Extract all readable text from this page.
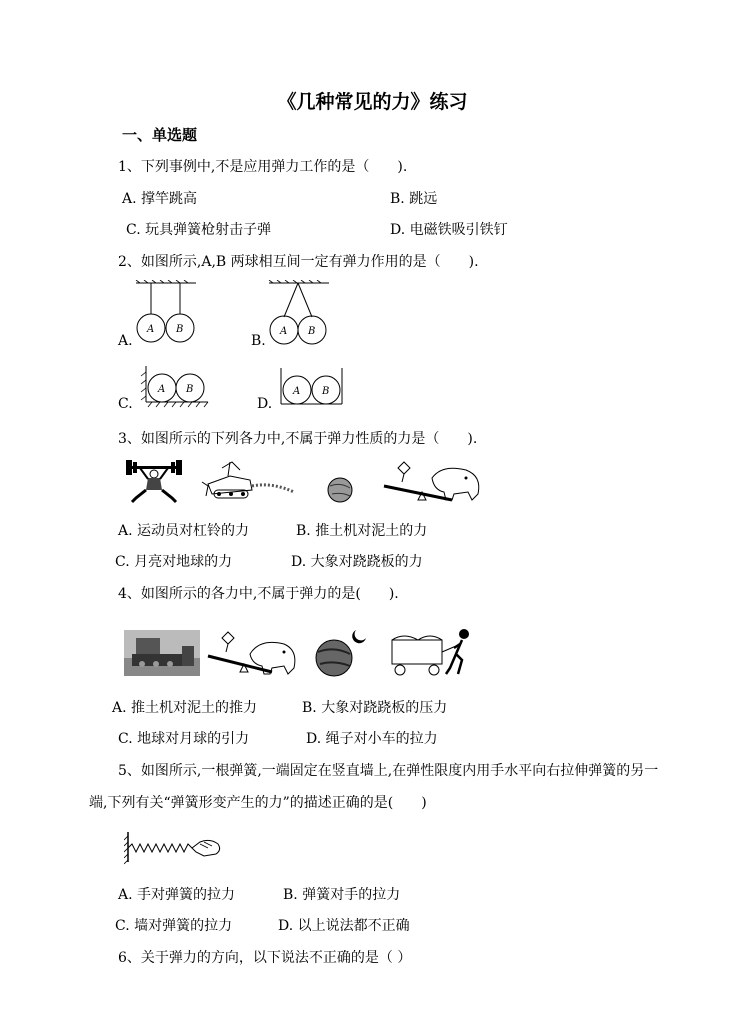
《几种常见的力》练习
一、单选题
1、下列事例中,不是应用弹力工作的是（　　).
A. 撑竿跳高	B. 跳远
C. 玩具弹簧枪射击子弹	D. 电磁铁吸引铁钉
2、如图所示,A,B 两球相互间一定有弹力作用的是（　　).
A.
A B
B.
A B
C.
A B
D.
A B
3、如图所示的下列各力中,不属于弹力性质的力是（　　).
A. 运动员对杠铃的力	B. 推土机对泥土的力
C. 月亮对地球的力	D. 大象对跷跷板的力
4、如图所示的各力中,不属于弹力的是(　　).
A. 推土机对泥土的推力	B. 大象对跷跷板的压力
C. 地球对月球的引力	D. 绳子对小车的拉力
5、如图所示,一根弹簧,一端固定在竖直墙上,在弹性限度内用手水平向右拉伸弹簧的另一
端,下列有关“弹簧形变产生的力”的描述正确的是(　　)
A. 手对弹簧的拉力	B. 弹簧对手的拉力
C. 墙对弹簧的拉力	D. 以上说法都不正确
6、关于弹力的方向，以下说法不正确的是（ ）
